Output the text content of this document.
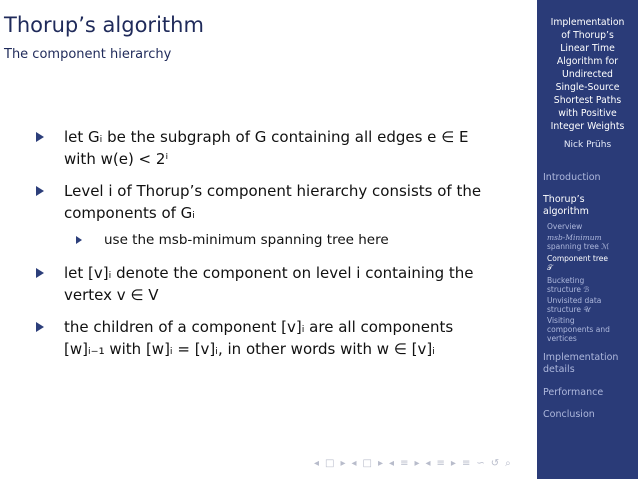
Thorup’s algorithm
The component hierarchy
let Gᵢ be the subgraph of G containing all edges e ∈ E
with w(e) < 2ⁱ
Level i of Thorup’s component hierarchy consists of the
components of Gᵢ
use the msb-minimum spanning tree here
let [v]ᵢ denote the component on level i containing the
vertex v ∈ V
the children of a component [v]ᵢ are all components
[w]ᵢ₋₁ with [w]ᵢ = [v]ᵢ, in other words with w ∈ [v]ᵢ
◂ □ ▸ ◂ □ ▸ ◂ ≡ ▸ ◂ ≡ ▸ ≡ ∽ ↺ ⌕
Implementation
of Thorup’s
Linear Time
Algorithm for
Undirected
Single-Source
Shortest Paths
with Positive
Integer Weights
Nick Prühs
Introduction
Thorup’s
algorithm
Overview
msb-Minimum
spanning tree ℳ
Component tree
𝒯
Bucketing
structure ℬ
Unvisited data
structure 𝒰
Visiting
components and
vertices
Implementation
details
Performance
Conclusion
